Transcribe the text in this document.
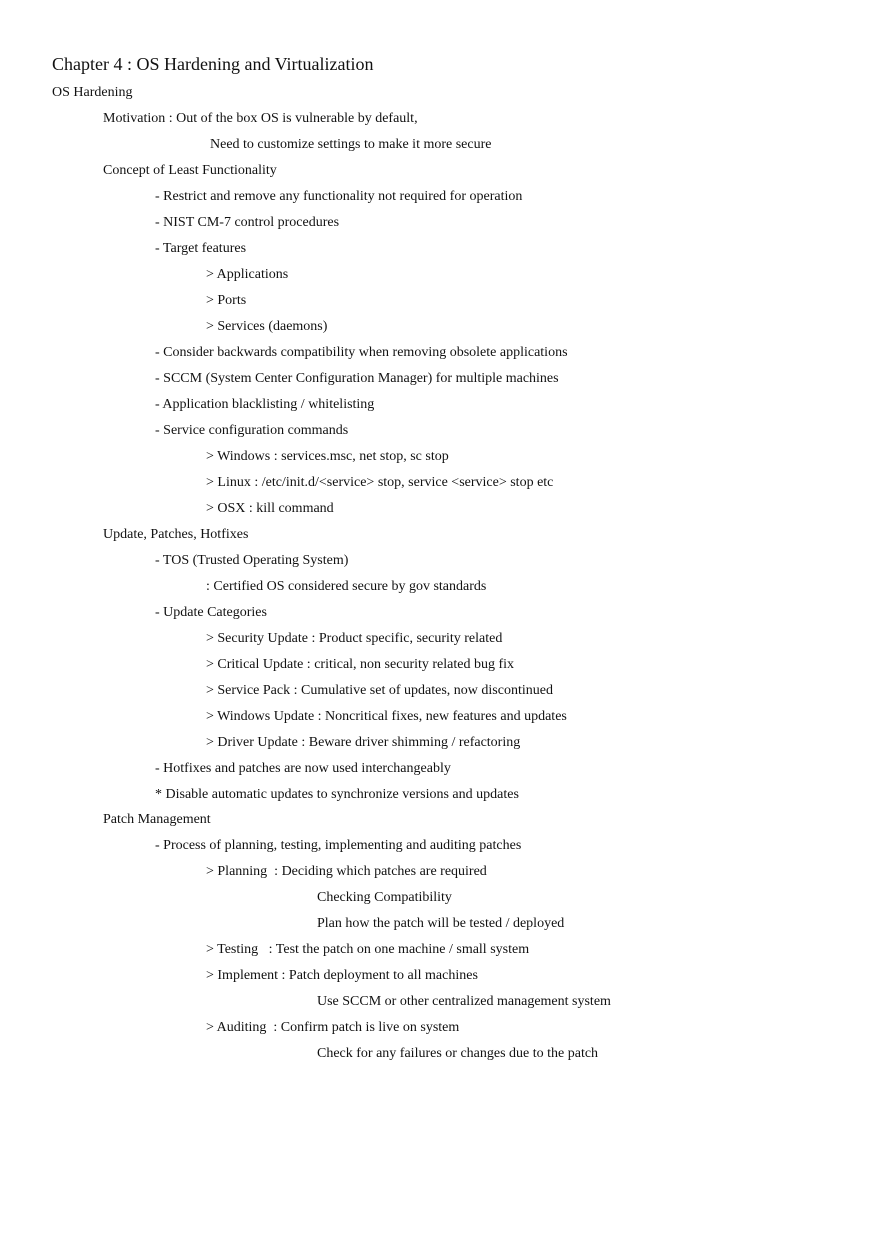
Chapter 4 : OS Hardening and Virtualization
OS Hardening
Motivation : Out of the box OS is vulnerable by default,
Need to customize settings to make it more secure
Concept of Least Functionality
- Restrict and remove any functionality not required for operation
- NIST CM-7 control procedures
- Target features
> Applications
> Ports
> Services (daemons)
- Consider backwards compatibility when removing obsolete applications
- SCCM (System Center Configuration Manager) for multiple machines
- Application blacklisting / whitelisting
- Service configuration commands
> Windows : services.msc, net stop, sc stop
> Linux : /etc/init.d/<service> stop, service <service> stop etc
> OSX : kill command
Update, Patches, Hotfixes
- TOS (Trusted Operating System)
: Certified OS considered secure by gov standards
- Update Categories
> Security Update : Product specific, security related
> Critical Update : critical, non security related bug fix
> Service Pack : Cumulative set of updates, now discontinued
> Windows Update : Noncritical fixes, new features and updates
> Driver Update : Beware driver shimming / refactoring
- Hotfixes and patches are now used interchangeably
* Disable automatic updates to synchronize versions and updates
Patch Management
- Process of planning, testing, implementing and auditing patches
> Planning  : Deciding which patches are required
Checking Compatibility
Plan how the patch will be tested / deployed
> Testing   : Test the patch on one machine / small system
> Implement : Patch deployment to all machines
Use SCCM or other centralized management system
> Auditing  : Confirm patch is live on system
Check for any failures or changes due to the patch
